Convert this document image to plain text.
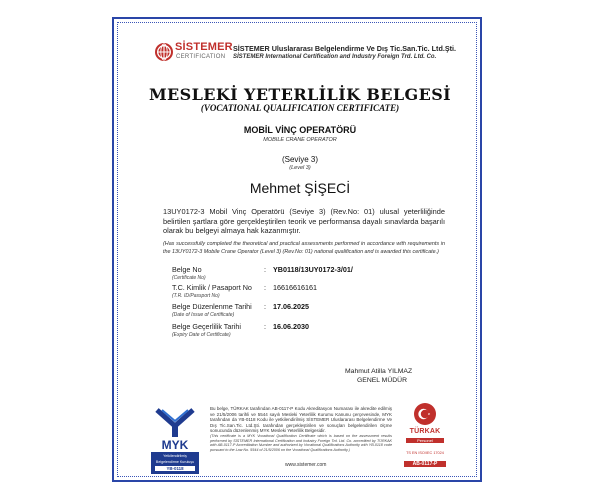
SİSTEMER
CERTIFICATION
SİSTEMER Uluslararası Belgelendirme Ve Dış Tic.San.Tic. Ltd.Şti.
SİSTEMER International Certification and Industry Foreign Trd. Ltd. Co.
MESLEKİ YETERLİLİK BELGESİ
(VOCATIONAL QUALIFICATION CERTIFICATE)
MOBİL VİNÇ OPERATÖRÜ
MOBILE CRANE OPERATOR
(Seviye 3)
(Level 3)
Mehmet ŞİŞECİ
13UY0172-3 Mobil Vinç Operatörü (Seviye 3) (Rev.No: 01) ulusal yeterliliğinde belirtilen şartlara göre gerçekleştirilen teorik ve performansa dayalı sınavlarda başarılı olarak bu belgeyi almaya hak kazanmıştır.
(Has successfully completed the theoretical and practical assessments performed in accordance with requirements in the 13UY0172-3 Mobile Crane Operator (Level 3) (Rev.No: 01) national qualification and is awarded this certificate.)
Belge No
(Certificate No)
: YB0118/13UY0172-3/01/
T.C. Kimlik / Pasaport No
(T.R. ID/Passport No)
: 16616616161
Belge Düzenlenme Tarihi
(Date of Issue of Certificate)
: 17.06.2025
Belge Geçerlilik Tarihi
(Expiry Date of Certificate)
: 16.06.2030
Mahmut Atilla YILMAZ
GENEL MÜDÜR
MYK
Yetkilendirilmiş
Belgelendirme Kuruluşu
YB-0118
Bu belge, TÜRKAK tarafından AB-0117-P Kodu Akreditasyon Numarası ile akredite edilmiş ve 21/5/2006 tarihli ve 5544 sayılı Mesleki Yeterlilik Kurumu Kanunu çerçevesinde, MYK tarafından da YB-0118 Kodu ile yetkilendirilmiş SİSTEMER Uluslararası Belgelendirme Ve Dış Tic.San.Tic. Ltd.Şti. tarafından gerçekleştirilen ve sonuçları belgelendirilen ölçme sonucunda düzenlenmiş MYK Mesleki Yeterlilik Belgesidir.
(This certificate is a MYK Vocational Qualification Certificate which is based on the assessment results performed by SİSTEMER International Certification and Industry Foreign Trd. Ltd. Co. accredited by TÜRKAK with AB-0117-P Accreditation Number and authorized by Vocational Qualifications Authority with YB-0118 code pursuant to the Law No. 5544 of 21/5/2006 on the Vocational Qualifications Authority.)
www.sistemer.com
TÜRKAK
Personel
TS EN ISO/IEC 17024
AB-0117-P
